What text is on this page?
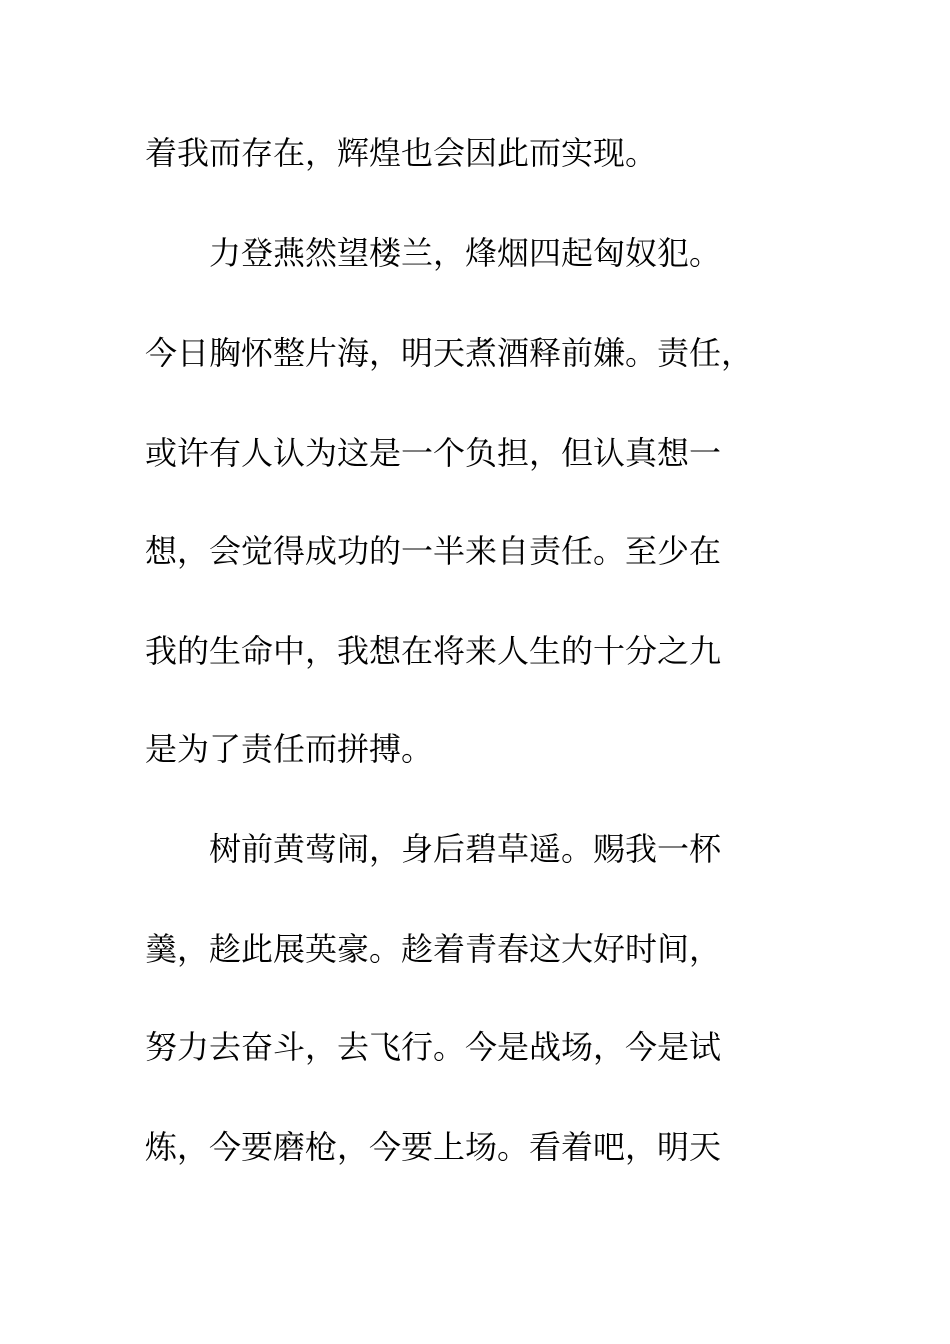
着我而存在，辉煌也会因此而实现。
　　力登燕然望楼兰，烽烟四起匈奴犯。
今日胸怀整片海，明天煮酒释前嫌。责任，
或许有人认为这是一个负担，但认真想一
想，会觉得成功的一半来自责任。至少在
我的生命中，我想在将来人生的十分之九
是为了责任而拼搏。
　　树前黄莺闹，身后碧草遥。赐我一杯
羹，趁此展英豪。趁着青春这大好时间，
努力去奋斗，去飞行。今是战场，今是试
炼，今要磨枪，今要上场。看着吧，明天
